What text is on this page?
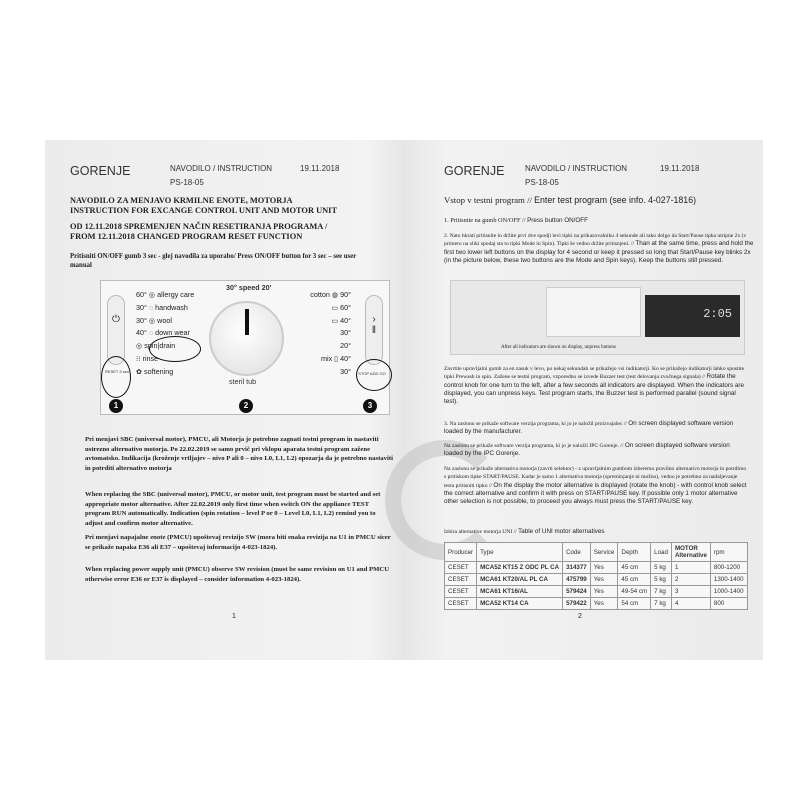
GORENJE	NAVODILO / INSTRUCTION
PS-18-05
19.11.2018
NAVODILO ZA MENJAVO KRMILNE ENOTE, MOTORJA
INSTRUCTION FOR EXCANGE CONTROL UNIT AND MOTOR UNIT
OD 12.11.2018 SPREMENJEN NAČIN RESETIRANJA PROGRAMA /
FROM 12.11.2018 CHANGED PROGRAM RESET FUNCTION
Pritisniti ON/OFF gumb 3 sec - glej navodila za uporabo/ Press ON/OFF button for 3 sec – see user manual
30° speed 20'
60° ◎ allergy care
30° ◌ handwash
30° ◎ wool
40° ◌ down wear
◎ spin|drain
⁝⁝ rinse
✿ softening
cotton ◍ 90°
▭ 60°
▭ 40°
30°
20°
mix ▯ 40°
30°
steril tub
⏻	›
‖
RESET 3 sec	STOP ADD GO
1	2	3
Pri menjavi SBC (universal motor), PMCU, ali Motorja je potrebno zagnati testni program in nastaviti ustrezno alternativo motorja. Po 22.02.2019 se samo prvič pri vklopu aparata testni program zažene avtomatsko. Indikacija (kroženje vrtljajev – nivo P ali 0 – nivo L0, L1, L2) opozarja da je potrebno nastaviti in potrditi alternativo motorja
When replacing the SBC (universal motor), PMCU, or motor unit, test program must be started and set appropriate motor alternative. After 22.02.2019 only first time when switch ON the appliance TEST program RUN automatically. Indication (spin rotation – level P or 0 – Level L0, L1, L2) remind you to adjust and confirm motor alternative.
Pri menjavi napajalne enote (PMCU) upoštevaj revizijo SW (mora biti enaka revizija na U1 in PMCU sicer se prikaže napaka E36 ali E37 – upoštevaj informacijo 4-023-1824).
When replacing power supply unit (PMCU) observe SW revision (must be same revision on U1 and PMCU otherwise error E36 or E37 is displayed – consider information 4-023-1824).
1
GORENJE	NAVODILO / INSTRUCTION
PS-18-05
19.11.2018
Vstop v testni program // Enter test program (see info. 4-027-1816)
1. Pritisnite na gumb ON/OFF // Press button ON/OFF
2. Nato hkrati pritisnite in držite prvi dve spodji levi tipki na prikazovalniku 4 sekunde ali tako dolgo da Start/Pause tipka utripne 2x (v primeru na sliki spodaj sta to tipki Mode in Spin). Tipki še vedno držite pritisnjeni. // Than at the same time, press and hold the first two lower left buttons on the display for 4 second or keep it pressed so long that Start/Pause key blinks 2x (in the picture below, these two buttons are the Mode and Spin keys). Keep the buttons still pressed.
2:05
After all indicators are shown on display, unpress buttons
Zavrtite upravljalni gumb za en zasuk v levo, po nekaj sekundah se prikažejo vsi indikatorji. Ko se prikažejo indikatorji lahko spustite tipki Prewash in spin. Zažene se testni program, vzporedno se izvede Buzzer test (test delovanja zvočnega signala) // Rotate the control knob for one turn to the left, after a few seconds all indicators are displayed. When the indicators are displayed, you can unpress keys. Test program starts, the Buzzer test is performed parallel (sound signal test).
3. Na zaslonu se prikaže software verzija programa, ki jo je naložil proizvajalec // On screen displayed software version loaded by the manufacturer.
Na zaslonu se prikaže software verzija programa, ki jo je naložil IPC Gorenje. // On screen displayed software version loaded by the IPC Gorenje.
Na zaslonu se prikaže alternativa motorja (zavrti selektor) - z upravljalnim gumbom izberemo pravilno alternativo motorja in potrdimo s pritiskom tipke START/PAUSE. Kadar je samo 1 alternativa motorja (spreminjanje ni možno), vedno je potrebno za nadaljevanje testa pritisniti tipko // On the display the motor alternative is displayed (rotate the knob) - with control knob select the correct alternative and confirm it with press on START/PAUSE key. If possible only 1 motor alternative other selection is not possible, to proceed you always must press the START/PAUSE key.
Izbira alternative motorja UNI // Table of UNI motor alternatives
Producer	Type	Code	Service	Depth	Load	MOTOR Alternative	rpm
CESET	MCA52 KT15 Z ODC PL CA	314377	Yes	45 cm	5 kg	1	800-1200
CESET	MCA61 KT20/AL PL CA	475799	Yes	45 cm	5 kg	2	1300-1400
CESET	MCA61 KT16/AL	579424	Yes	49-54 cm	7 kg	3	1000-1400
CESET	MCA52 KT14 CA	579422	Yes	54 cm	7 kg	4	800
2
